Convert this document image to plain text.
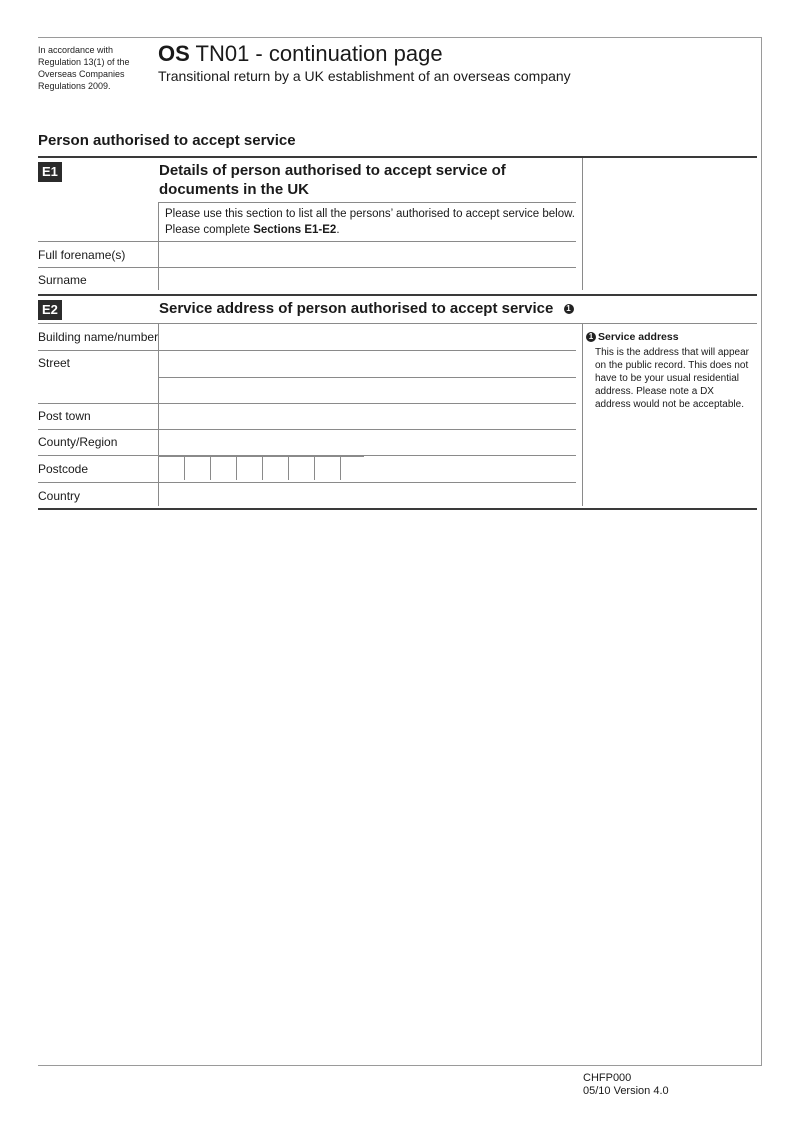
In accordance with Regulation 13(1) of the Overseas Companies Regulations 2009.
OS TN01 - continuation page
Transitional return by a UK establishment of an overseas company
Person authorised to accept service
E1	Details of person authorised to accept service of documents in the UK
Please use this section to list all the persons’ authorised to accept service below.
Please complete Sections E1-E2.
Full forename(s)
Surname
E2	Service address of person authorised to accept service 1
Building name/number
Street
Post town
County/Region
Postcode
Country
1 Service address
This is the address that will appear on the public record. This does not have to be your usual residential address. Please note a DX address would not be acceptable.
CHFP000
05/10 Version 4.0
